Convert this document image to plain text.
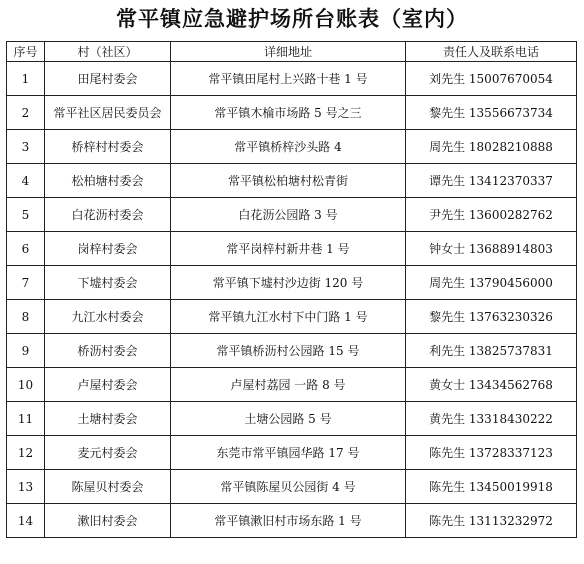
常平镇应急避护场所台账表（室内）
序号	村（社区）	详细地址	责任人及联系电话
1	田尾村委会	常平镇田尾村上兴路十巷 1 号	刘先生 15007670054
2	常平社区居民委员会	常平镇木棆市场路 5 号之三	黎先生 13556673734
3	桥梓村村委会	常平镇桥梓沙头路 4	周先生 18028210888
4	松柏塘村委会	常平镇松柏塘村松青街	谭先生 13412370337
5	白花沥村委会	白花沥公园路 3 号	尹先生 13600282762
6	岗梓村委会	常平岗梓村新井巷 1 号	钟女士 13688914803
7	下墟村委会	常平镇下墟村沙边街 120 号	周先生 13790456000
8	九江水村委会	常平镇九江水村下中门路 1 号	黎先生 13763230326
9	桥沥村委会	常平镇桥沥村公园路 15 号	利先生 13825737831
10	卢屋村委会	卢屋村荔园 一路 8 号	黄女士 13434562768
11	土塘村委会	土塘公园路 5 号	黄先生 13318430222
12	麦元村委会	东莞市常平镇园华路 17 号	陈先生 13728337123
13	陈屋贝村委会	常平镇陈屋贝公园街 4 号	陈先生 13450019918
14	漱旧村委会	常平镇漱旧村市场东路 1 号	陈先生 13113232972
